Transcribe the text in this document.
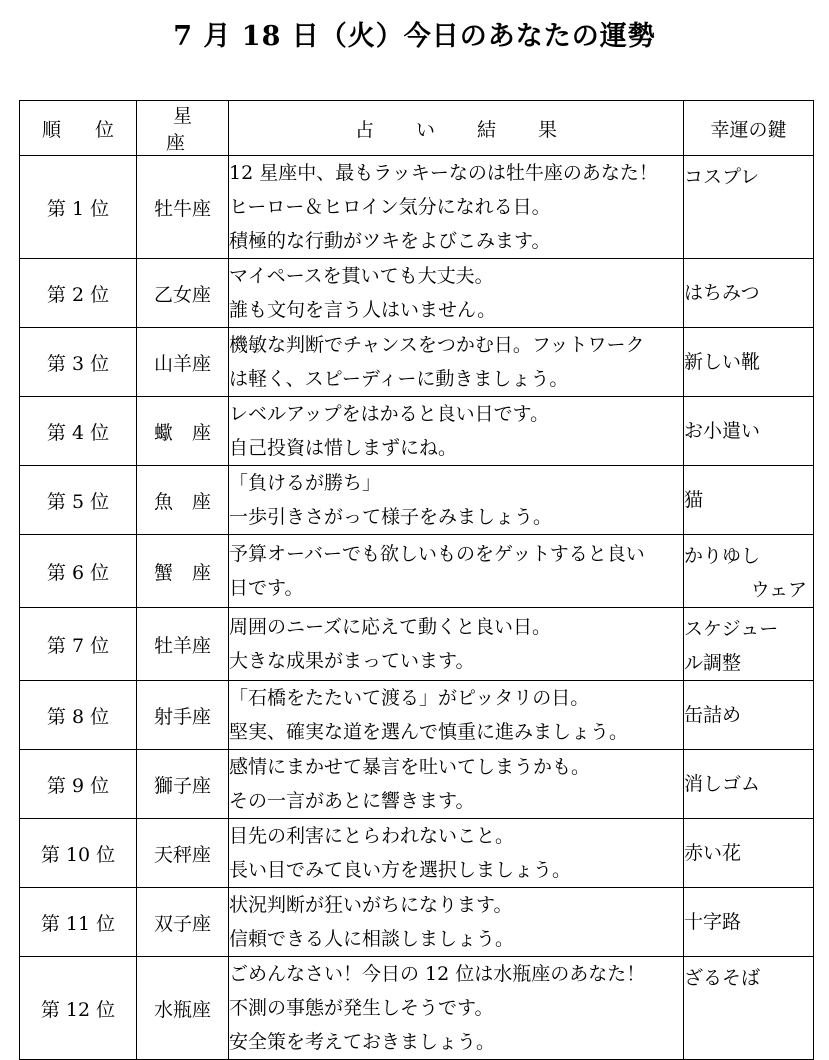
7 月 18 日（火）今日のあなたの運勢
順 位	星 座	占 い 結 果	幸運の鍵
第 1 位	牡牛座	12 星座中、最もラッキーなのは牡牛座のあなた！
ヒーロー＆ヒロイン気分になれる日。
積極的な行動がツキをよびこみます。	コスプレ

第 2 位	乙女座	マイペースを貫いても大丈夫。
誰も文句を言う人はいません。	はちみつ

第 3 位	山羊座	機敏な判断でチャンスをつかむ日。フットワーク
は軽く、スピーディーに動きましょう。	新しい靴

第 4 位	蠍　座	レベルアップをはかると良い日です。
自己投資は惜しまずにね。	お小遣い

第 5 位	魚　座	「負けるが勝ち」
一歩引きさがって様子をみましょう。	猫

第 6 位	蟹　座	予算オーバーでも欲しいものをゲットすると良い
日です。	かりゆし
ウェア

第 7 位	牡羊座	周囲のニーズに応えて動くと良い日。
大きな成果がまっています。	スケジュー
ル調整

第 8 位	射手座	「石橋をたたいて渡る」がピッタリの日。
堅実、確実な道を選んで慎重に進みましょう。	缶詰め

第 9 位	獅子座	感情にまかせて暴言を吐いてしまうかも。
その一言があとに響きます。	消しゴム

第 10 位	天秤座	目先の利害にとらわれないこと。
長い目でみて良い方を選択しましょう。	赤い花

第 11 位	双子座	状況判断が狂いがちになります。
信頼できる人に相談しましょう。	十字路

第 12 位	水瓶座	ごめんなさい！今日の 12 位は水瓶座のあなた！
不測の事態が発生しそうです。
安全策を考えておきましょう。	ざるそば
